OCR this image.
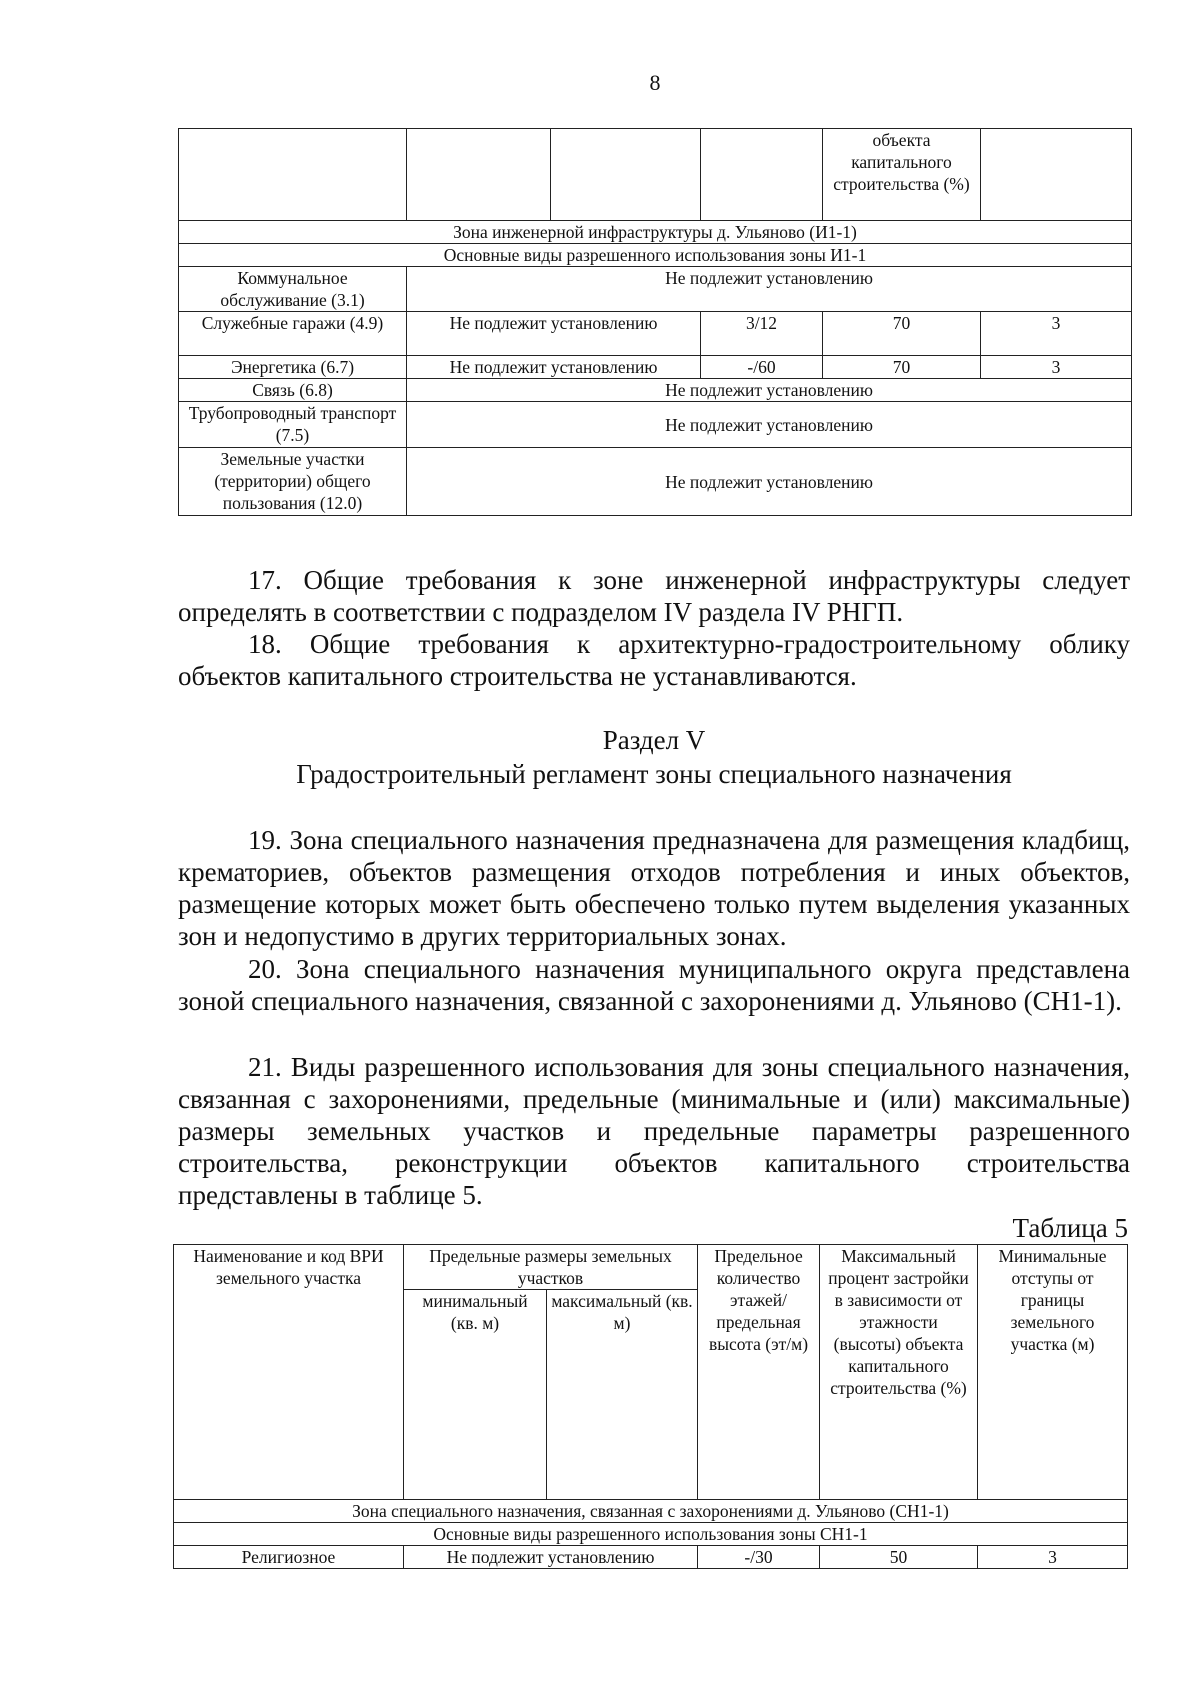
8
				объекта капитального строительства (%)	
Зона инженерной инфраструктуры д. Ульяново (И1-1)					
Основные виды разрешенного использования зоны И1-1					
Коммунальное обслуживание (3.1)	Не подлежит установлению				
Служебные гаражи (4.9)	Не подлежит установлению		3/12	70	3
Энергетика (6.7)	Не подлежит установлению		-/60	70	3
Связь (6.8)	Не подлежит установлению				
Трубопроводный транспорт (7.5)	Не подлежит установлению				
Земельные участки (территории) общего пользования (12.0)	Не подлежит установлению				

17. Общие требования к зоне инженерной инфраструктуры следует определять в соответствии с подразделом IV раздела IV РНГП.

18. Общие требования к архитектурно-градостроительному облику объектов капитального строительства не устанавливаются.

Раздел V

Градостроительный регламент зоны специального назначения

19. Зона специального назначения предназначена для размещения кладбищ, крематориев, объектов размещения отходов потребления и иных объектов, размещение которых может быть обеспечено только путем выделения указанных зон и недопустимо в других территориальных зонах.

20. Зона специального назначения муниципального округа представлена зоной специального назначения, связанной с захоронениями д. Ульяново (СН1-1).

21. Виды разрешенного использования для зоны специального назначения, связанная с захоронениями, предельные (минимальные и (или) максимальные) размеры земельных участков и предельные параметры разрешенного строительства, реконструкции объектов капитального строительства представлены в таблице 5.

Таблица 5
Наименование и код ВРИ земельного участка	Предельные размеры земельных участков		Предельное количество этажей/ предельная высота (эт/м)	Максимальный процент застройки в зависимости от этажности (высоты) объекта капитального строительства (%)	Минимальные отступы от границы земельного участка (м)
	минимальный (кв. м)	максимальный (кв. м)			
Зона специального назначения, связанная с захоронениями д. Ульяново (СН1-1)					
Основные виды разрешенного использования зоны СН1-1					
Религиозное	Не подлежит установлению		-/30	50	3
